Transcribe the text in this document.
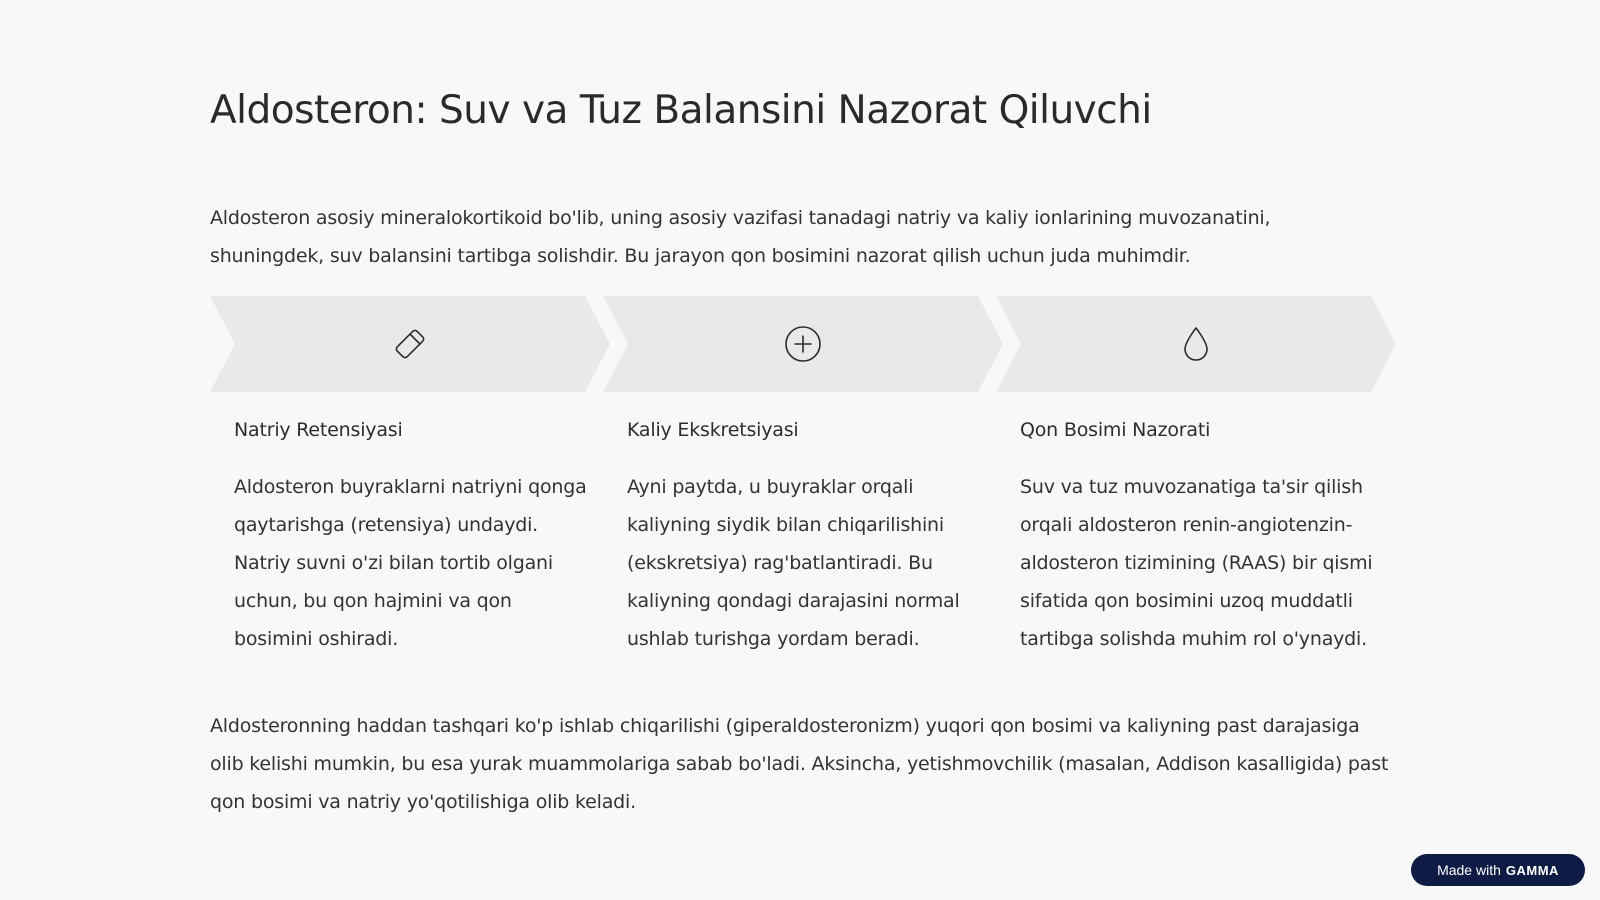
Aldosteron: Suv va Tuz Balansini Nazorat Qiluvchi

Aldosteron asosiy mineralokortikoid bo'lib, uning asosiy vazifasi tanadagi natriy va kaliy ionlarining muvozanatini, shuningdek, suv balansini tartibga solishdir. Bu jarayon qon bosimini nazorat qilish uchun juda muhimdir.

Natriy Retensiyasi

Aldosteron buyraklarni natriyni qonga qaytarishga (retensiya) undaydi. Natriy suvni o'zi bilan tortib olgani uchun, bu qon hajmini va qon bosimini oshiradi.

Kaliy Ekskretsiyasi

Ayni paytda, u buyraklar orqali kaliyning siydik bilan chiqarilishini (ekskretsiya) rag'batlantiradi. Bu kaliyning qondagi darajasini normal ushlab turishga yordam beradi.

Qon Bosimi Nazorati

Suv va tuz muvozanatiga ta'sir qilish orqali aldosteron renin-angiotenzin-aldosteron tizimining (RAAS) bir qismi sifatida qon bosimini uzoq muddatli tartibga solishda muhim rol o'ynaydi.

Aldosteronning haddan tashqari ko'p ishlab chiqarilishi (giperaldosteronizm) yuqori qon bosimi va kaliyning past darajasiga olib kelishi mumkin, bu esa yurak muammolariga sabab bo'ladi. Aksincha, yetishmovchilik (masalan, Addison kasalligida) past qon bosimi va natriy yo'qotilishiga olib keladi.

Made with GAMMA
